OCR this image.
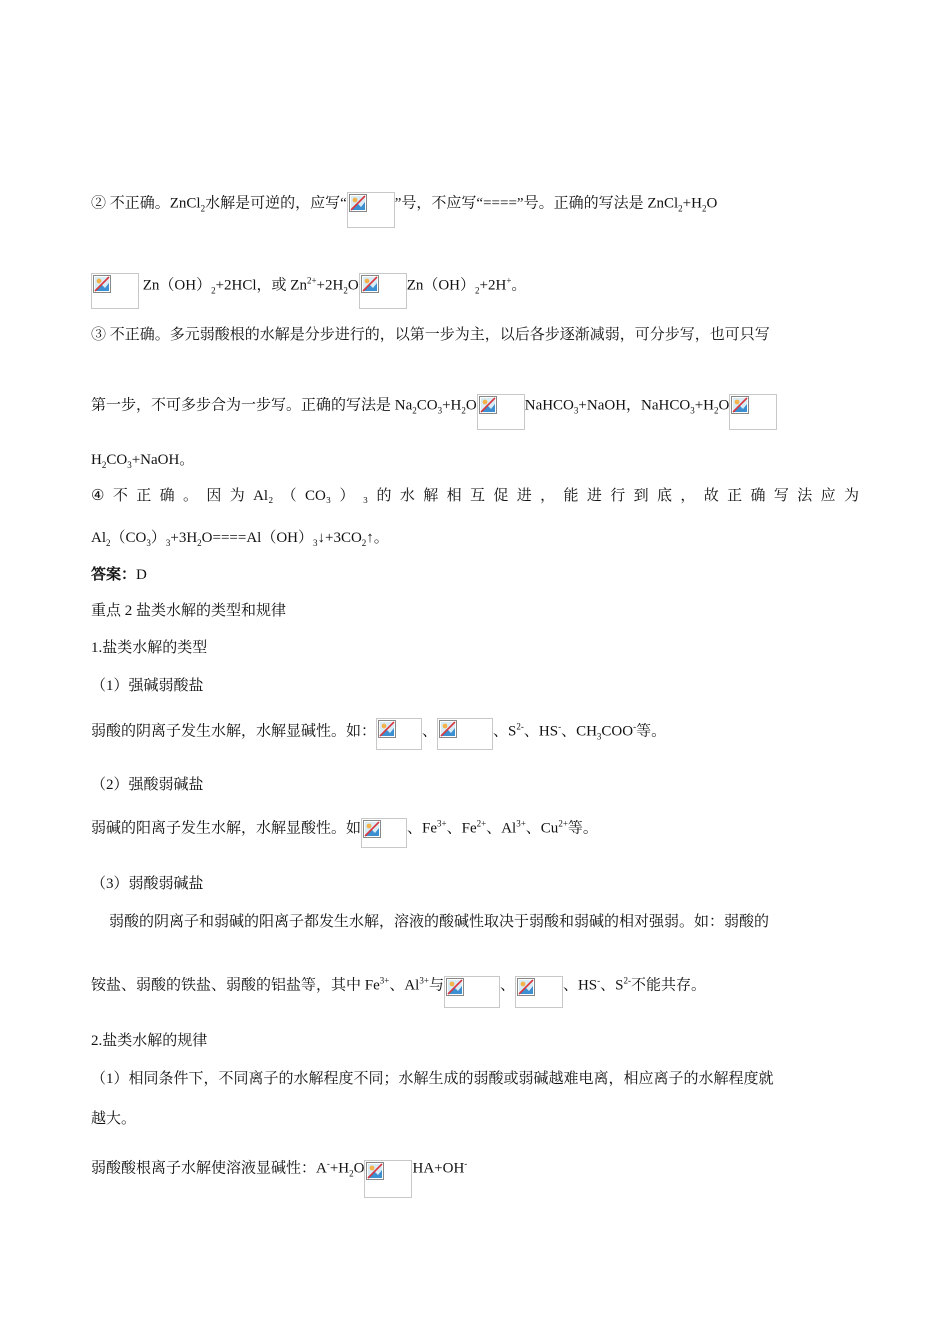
② 不正确。ZnCl$_2$水解是可逆的，应写“	”号，不应写“====”号。正确的写法是 $ZnCl_2+H_2O$
$Zn(OH)_2+2HCl$，或 $Zn^{2+}+2H_2O$	$Zn(OH)_2+2H^+$。
③ 不正确。多元弱酸根的水解是分步进行的，以第一步为主，以后各步逐渐减弱，可分步写，也可只写
第一步，不可多步合为一步写。正确的写法是 $Na_2CO_3+H_2O$	NaHCO$_3$+NaOH，$NaHCO_3+H_2O$
$H_2CO_3+NaOH$。
④ 不 正 确 。 因 为 Al₂ （ CO₃ ） ₃ 的 水 解 相 互 促 进 ， 能 进 行 到 底 ， 故 正 确 写 法 应 为
$Al_2(CO_3)_3+3H_2O====Al(OH)_3↓+3CO_2↑$。
答案：D
重点 2 盐类水解的类型和规律
1.盐类水解的类型
（1）强碱弱酸盐
弱酸的阴离子发生水解，水解显碱性。如：	、	、$S^{2-}$、HS-、$CH_3COO^-$等。
（2）强酸弱碱盐
弱碱的阳离子发生水解，水解显酸性。如	、$Fe^{3+}$、$Fe^{2+}$、$Al^{3+}$、$Cu^{2+}$等。
（3）弱酸弱碱盐
弱酸的阴离子和弱碱的阳离子都发生水解，溶液的酸碱性取决于弱酸和弱碱的相对强弱。如：弱酸的
铵盐、弱酸的铁盐、弱酸的铝盐等，其中 $Fe^{3+}$、$Al^{3+}$与	、	、HS-、$S^{2-}$不能共存。
2.盐类水解的规律
（1）相同条件下，不同离子的水解程度不同；水解生成的弱酸或弱碱越难电离，相应离子的水解程度就
越大。
弱酸酸根离子水解使溶液显碱性：$A^-+H_2O$	HA+OH-
